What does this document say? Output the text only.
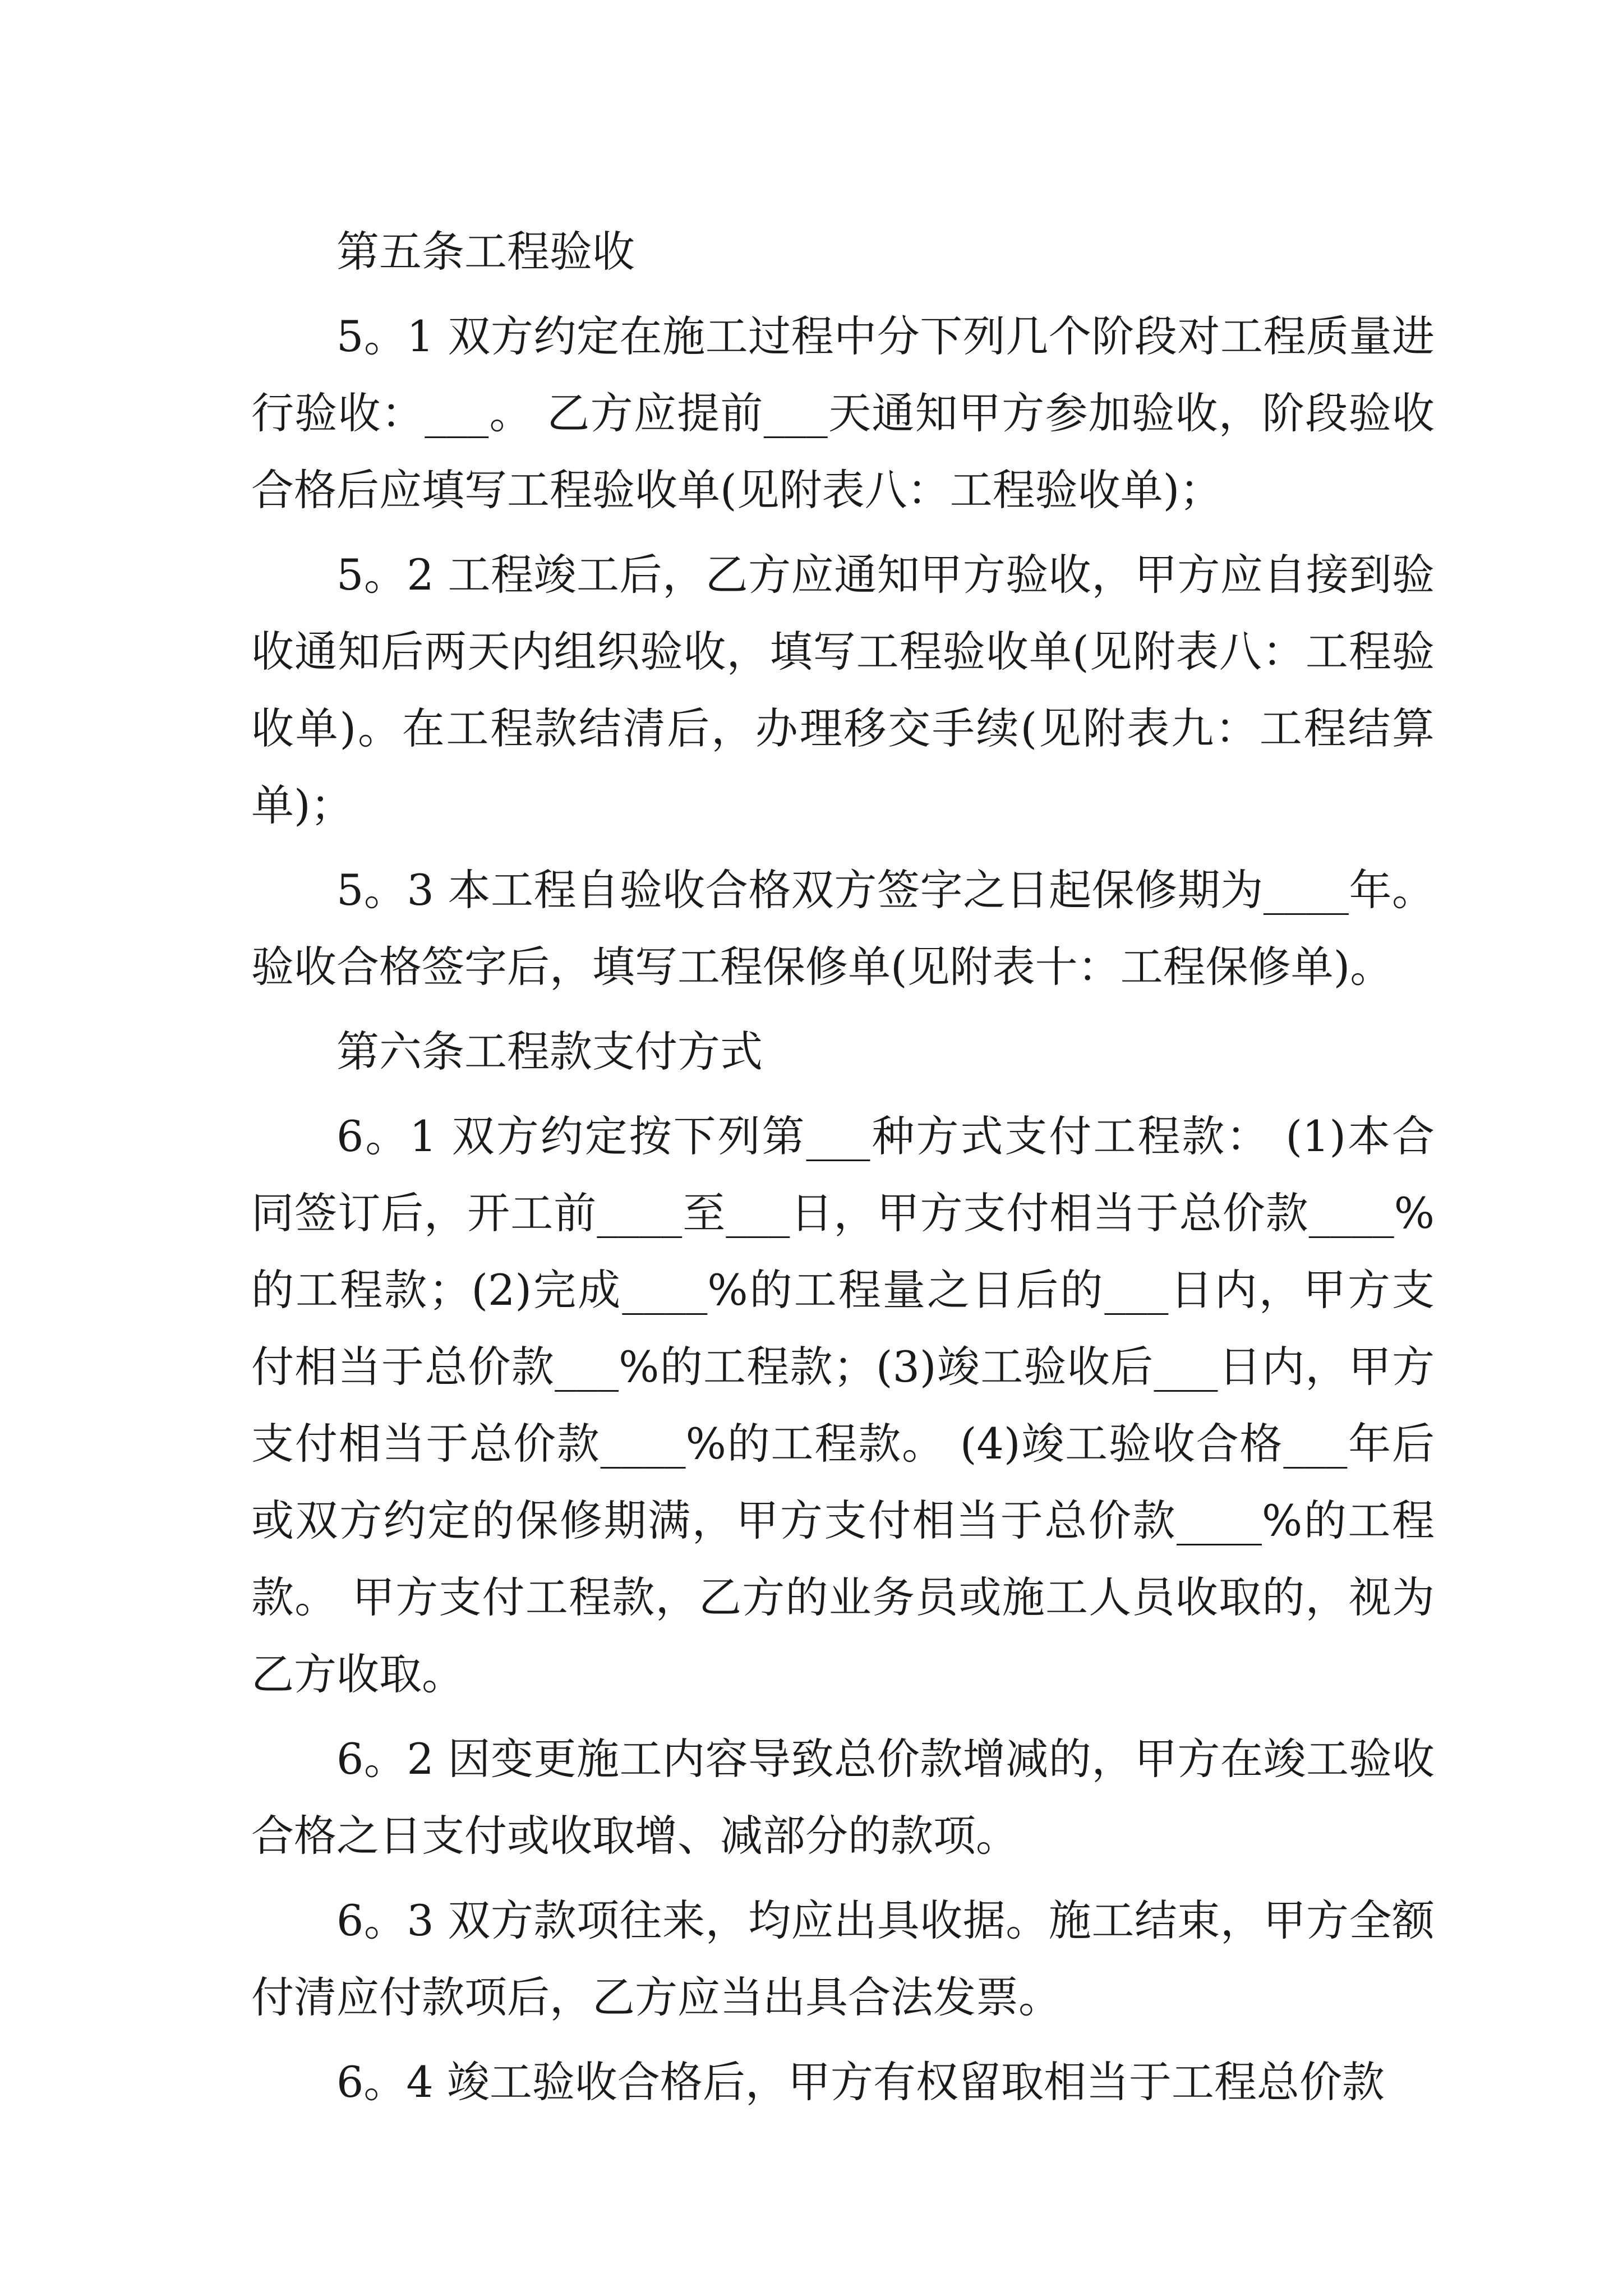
第五条工程验收

5。1 双方约定在施工过程中分下列几个阶段对工程质量进行验收：___。 乙方应提前___天通知甲方参加验收，阶段验收合格后应填写工程验收单(见附表八：工程验收单)；

5。2 工程竣工后，乙方应通知甲方验收，甲方应自接到验收通知后两天内组织验收，填写工程验收单(见附表八：工程验收单)。在工程款结清后，办理移交手续(见附表九：工程结算单)；

5。3 本工程自验收合格双方签字之日起保修期为____年。验收合格签字后，填写工程保修单(见附表十：工程保修单)。

第六条工程款支付方式

6。1 双方约定按下列第___种方式支付工程款： (1)本合同签订后，开工前____至___日，甲方支付相当于总价款____%的工程款；(2)完成____%的工程量之日后的___日内，甲方支付相当于总价款___%的工程款；(3)竣工验收后___日内，甲方支付相当于总价款____%的工程款。 (4)竣工验收合格___年后或双方约定的保修期满，甲方支付相当于总价款____%的工程款。 甲方支付工程款，乙方的业务员或施工人员收取的，视为乙方收取。

6。2 因变更施工内容导致总价款增减的，甲方在竣工验收合格之日支付或收取增、减部分的款项。

6。3 双方款项往来，均应出具收据。施工结束，甲方全额付清应付款项后，乙方应当出具合法发票。

6。4 竣工验收合格后，甲方有权留取相当于工程总价款
